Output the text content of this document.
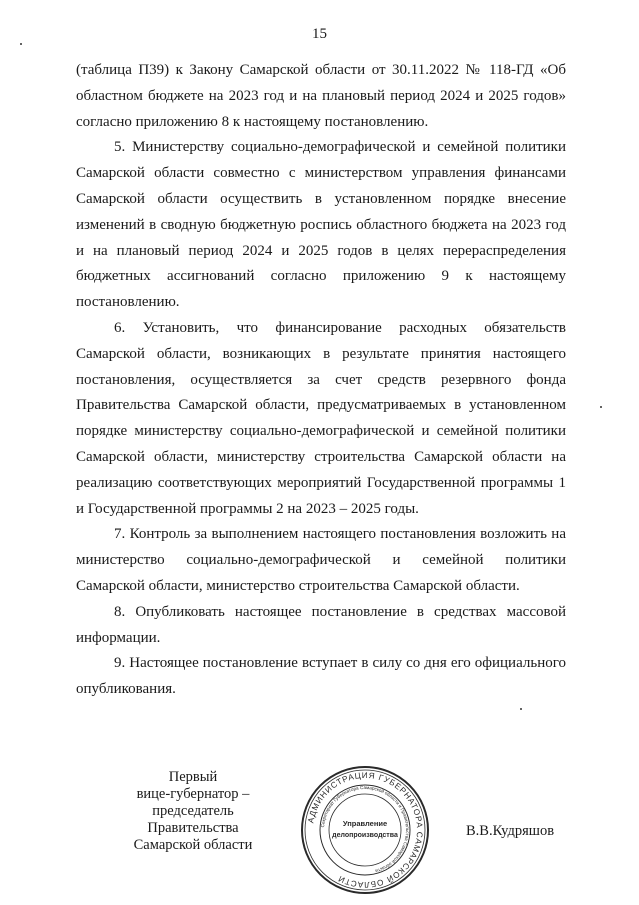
15

(таблица П39) к Закону Самарской области от 30.11.2022 № 118-ГД «Об областном бюджете на 2023 год и на плановый период 2024 и 2025 годов» согласно приложению 8 к настоящему постановлению.

5. Министерству социально-демографической и семейной политики Самарской области совместно с министерством управления финансами Самарской области осуществить в установленном порядке внесение изменений в сводную бюджетную роспись областного бюджета на 2023 год и на плановый период 2024 и 2025 годов в целях перераспределения бюджетных ассигнований согласно приложению 9 к настоящему постановлению.

6. Установить, что финансирование расходных обязательств Самарской области, возникающих в результате принятия настоящего постановления, осуществляется за счет средств резервного фонда Правительства Самарской области, предусматриваемых в установленном порядке министерству социально-демографической и семейной политики Самарской области, министерству строительства Самарской области на реализацию соответствующих мероприятий Государственной программы 1 и Государственной программы 2 на 2023 – 2025 годы.

7. Контроль за выполнением настоящего постановления возложить на министерство социально-демографической и семейной политики Самарской области, министерство строительства Самарской области.

8. Опубликовать настоящее постановление в средствах массовой информации.

9. Настоящее постановление вступает в силу со дня его официального опубликования.

Первый
вице-губернатор –
председатель Правительства
Самарской области
АДМИНИСТРАЦИЯ ГУБЕРНАТОРА САМАРСКОЙ ОБЛАСТИ
Секретариат Губернатора Самарской области и Правительства Самарской области
Управление
делопроизводства	В.В.Кудряшов
